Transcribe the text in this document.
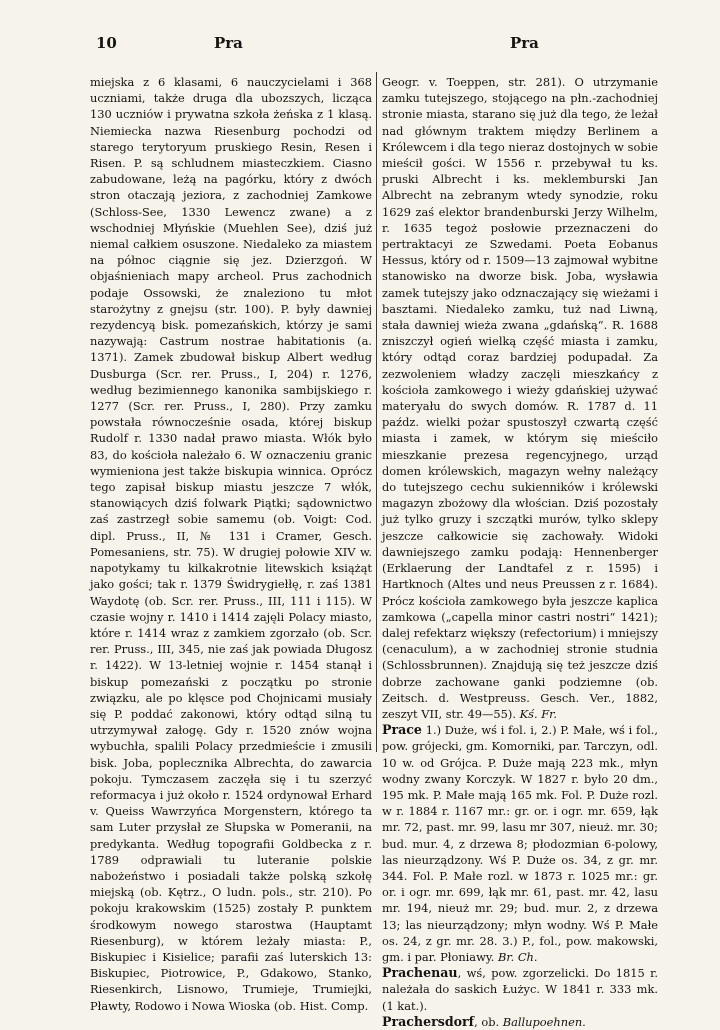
10	Pra	Pra

miejska z 6 klasami, 6 nauczycielami i 368 uczniami, także druga dla ubozszych, licząca 130 uczniów i prywatna szkoła żeńska z 1 klasą. Niemiecka nazwa Riesenburg pochodzi od starego terytoryum pruskiego Resin, Resen i Risen. P. są schludnem miasteczkiem. Ciasno zabudowane, leżą na pagórku, który z dwóch stron otaczają jeziora, z zachodniej Zamkowe (Schloss-See, 1330 Lewencz zwane) a z wschodniej Młyńskie (Muehlen See), dziś już niemal całkiem osuszone. Niedaleko za miastem na północ ciągnie się jez. Dzierzgoń. W objaśnieniach mapy archeol. Prus zachodnich podaje Ossowski, że znaleziono tu młot starożytny z gnejsu (str. 100). P. były dawniej rezydencyą bisk. pomezańskich, którzy je sami nazywają: Castrum nostrae habitationis (a. 1371). Zamek zbudował biskup Albert według Dusburga (Scr. rer. Pruss., I, 204) r. 1276, według bezimiennego kanonika sambijskiego r. 1277 (Scr. rer. Pruss., I, 280). Przy zamku powstała równocześnie osada, której biskup Rudolf r. 1330 nadał prawo miasta. Włók było 83, do kościoła należało 6. W oznaczeniu granic wymieniona jest także biskupia winnica. Oprócz tego zapisał biskup miastu jeszcze 7 włók, stanowiących dziś folwark Piątki; sądownictwo zaś zastrzegł sobie samemu (ob. Voigt: Cod. dipl. Pruss., II, № 131 i Cramer, Gesch. Pomesaniens, str. 75). W drugiej połowie XIV w. napotykamy tu kilkakrotnie litewskich książąt jako gości; tak r. 1379 Świdrygiełłę, r. zaś 1381 Waydotę (ob. Scr. rer. Pruss., III, 111 i 115). W czasie wojny r. 1410 i 1414 zajęli Polacy miasto, które r. 1414 wraz z zamkiem zgorzało (ob. Scr. rer. Pruss., III, 345, nie zaś jak powiada Długosz r. 1422). W 13-letniej wojnie r. 1454 stanął i biskup pomezański z początku po stronie związku, ale po klęsce pod Chojnicami musiały się P. poddać zakonowi, który odtąd silną tu utrzymywał załogę. Gdy r. 1520 znów wojna wybuchła, spalili Polacy przedmieście i zmusili bisk. Joba, poplecznika Albrechta, do zawarcia pokoju. Tymczasem zaczęła się i tu szerzyć reformacya i już około r. 1524 ordynował Erhard v. Queiss Wawrzyńca Morgenstern, którego ta sam Luter przysłał ze Słupska w Pomeranii, na predykanta. Według topografii Goldbecka z r. 1789 odprawiali tu luteranie polskie nabożeństwo i posiadali także polską szkołę miejską (ob. Kętrz., O ludn. pols., str. 210). Po pokoju krakowskim (1525) zostały P. punktem środkowym nowego starostwa (Hauptamt Riesenburg), w którem leżały miasta: P., Biskupiec i Kisielice; parafii zaś luterskich 13: Biskupiec, Piotrowice, P., Gdakowo, Stanko, Riesenkirch, Lisnowo, Trumieje, Trumiejki, Pławty, Rodowo i Nowa Wioska (ob. Hist. Comp.

Geogr. v. Toeppen, str. 281). O utrzymanie zamku tutejszego, stojącego na płn.-zachodniej stronie miasta, starano się już dla tego, że leżał nad głównym traktem między Berlinem a Królewcem i dla tego nieraz dostojnych w sobie mieścił gości. W 1556 r. przebywał tu ks. pruski Albrecht i ks. meklemburski Jan Albrecht na zebranym wtedy synodzie, roku 1629 zaś elektor brandenburski Jerzy Wilhelm, r. 1635 tegoż posłowie przeznaczeni do pertraktacyi ze Szwedami. Poeta Eobanus Hessus, który od r. 1509—13 zajmował wybitne stanowisko na dworze bisk. Joba, wysławia zamek tutejszy jako odznaczający się wieżami i basztami. Niedaleko zamku, tuż nad Liwną, stała dawniej wieża zwana „gdańską“. R. 1688 zniszczył ogień wielką część miasta i zamku, który odtąd coraz bardziej podupadał. Za zezwoleniem władzy zaczęli mieszkańcy z kościoła zamkowego i wieży gdańskiej używać materyału do swych domów. R. 1787 d. 11 paźdz. wielki pożar spustoszył czwartą część miasta i zamek, w którym się mieściło mieszkanie prezesa regencyjnego, urząd domen królewskich, magazyn wełny należący do tutejszego cechu sukienników i królewski magazyn zbożowy dla włościan. Dziś pozostały już tylko gruzy i szczątki murów, tylko sklepy jeszcze całkowicie się zachowały. Widoki dawniejszego zamku podają: Hennenberger (Erklaerung der Landtafel z r. 1595) i Hartknoch (Altes und neus Preussen z r. 1684). Prócz kościoła zamkowego była jeszcze kaplica zamkowa („capella minor castri nostri“ 1421); dalej refektarz większy (refectorium) i mniejszy (cenaculum), a w zachodniej stronie studnia (Schlossbrunnen). Znajdują się też jeszcze dziś dobrze zachowane ganki podziemne (ob. Zeitsch. d. Westpreuss. Gesch. Ver., 1882, zeszyt VII, str. 49—55). Kś. Fr.

Prace 1.) Duże, wś i fol. i, 2.) P. Małe, wś i fol., pow. grójecki, gm. Komorniki, par. Tarczyn, odl. 10 w. od Grójca. P. Duże mają 223 mk., młyn wodny zwany Korczyk. W 1827 r. było 20 dm., 195 mk. P. Małe mają 165 mk. Fol. P. Duże rozl. w r. 1884 r. 1167 mr.: gr. or. i ogr. mr. 659, łąk mr. 72, past. mr. 99, lasu mr 307, nieuż. mr. 30; bud. mur. 4, z drzewa 8; płodozmian 6-polowy, las nieurządzony. Wś P. Duże os. 34, z gr. mr. 344. Fol. P. Małe rozl. w 1873 r. 1025 mr.: gr. or. i ogr. mr. 699, łąk mr. 61, past. mr. 42, lasu mr. 194, nieuż mr. 29; bud. mur. 2, z drzewa 13; las nieurządzony; młyn wodny. Wś P. Małe os. 24, z gr. mr. 28. 3.) P., fol., pow. makowski, gm. i par. Płoniawy. Br. Ch.

Prachenau, wś, pow. zgorzelicki. Do 1815 r. należała do saskich Łużyc. W 1841 r. 333 mk. (1 kat.).

Prachersdorf, ob. Ballupoehnen.
